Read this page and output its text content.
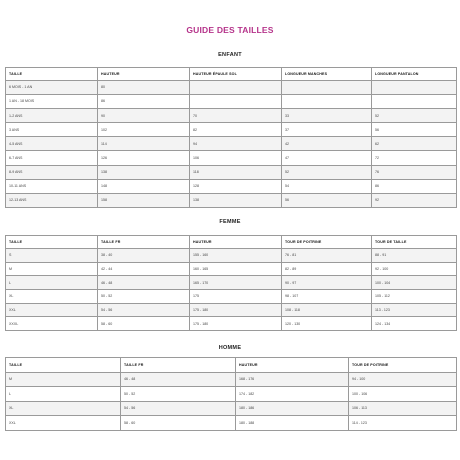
GUIDE DES TAILLES
ENFANT
TAILLE	HAUTEUR	HAUTEUR ÉPAULE SOL	LONGUEUR MANCHES	LONGUEUR PANTALON
6 MOIS - 1 AN	80			
1 AN - 18 MOIS	86			
1-2 ANS	90	70	33	52
3 ANS	102	82	37	56
4-5 ANS	114	94	42	62
6-7 ANS	126	106	47	72
8-9 ANS	138	118	52	76
10-11 ANS	148	128	54	86
12-13 ANS	158	138	56	92
FEMME
TAILLE	TAILLE FR	HAUTEUR	TOUR DE POITRINE	TOUR DE TAILLE
S	38 - 40	155 - 160	76 - 81	88 - 91
M	42 - 44	160 - 165	82 - 89	92 - 100
L	46 - 48	165 - 170	90 - 97	100 - 104
XL	50 - 52	175	98 - 107	105 - 112
XXL	54 - 56	175 - 180	108 - 118	113 - 123
XXXL	58 - 60	175 - 180	120 - 130	124 - 134
HOMME
TAILLE	TAILLE FR	HAUTEUR	TOUR DE POITRINE
M	46 - 48	168 - 176	94 - 100
L	50 - 52	174 - 182	100 - 106
XL	54 - 56	180 - 186	106 - 113
XXL	58 - 60	180 - 188	114 - 123
